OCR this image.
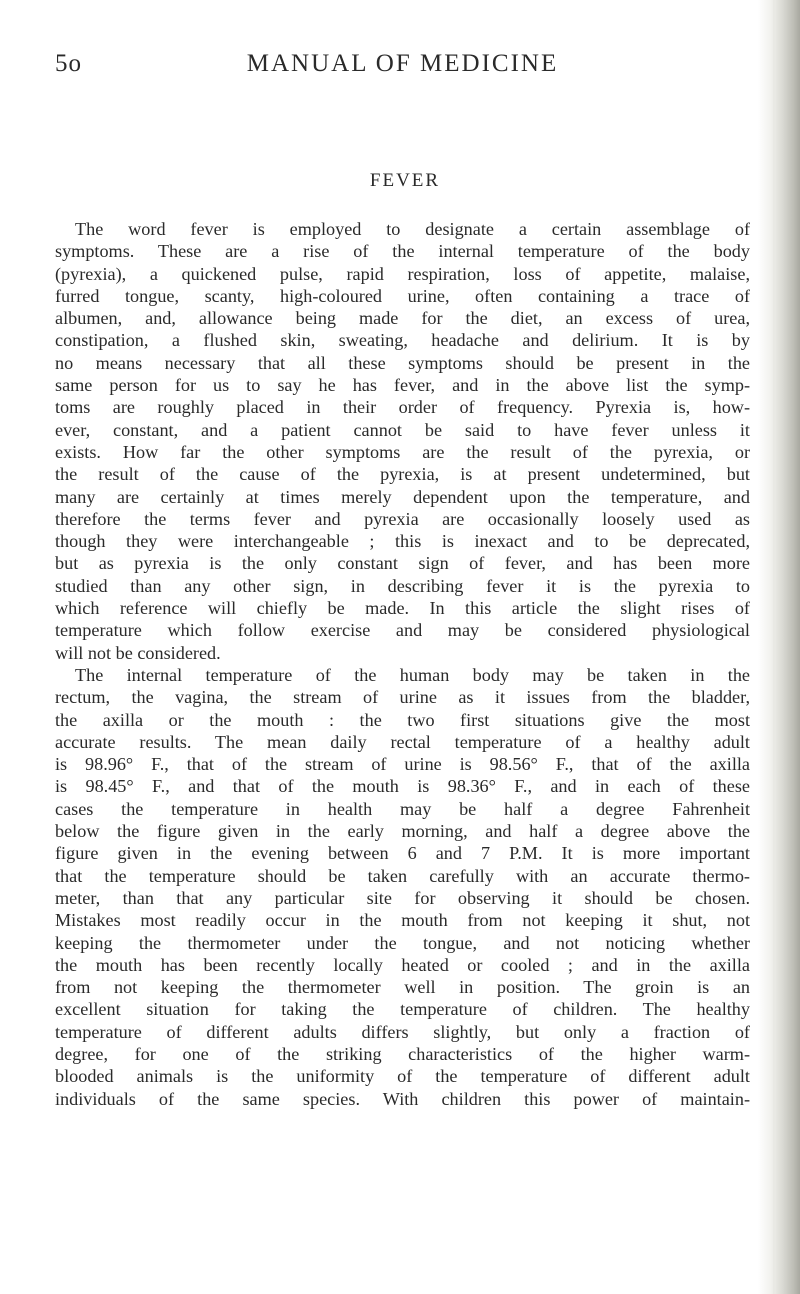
5o	MANUAL OF MEDICINE
FEVER
The word fever is employed to designate a certain assemblage of
symptoms. These are a rise of the internal temperature of the body
(pyrexia), a quickened pulse, rapid respiration, loss of appetite, malaise,
furred tongue, scanty, high-coloured urine, often containing a trace of
albumen, and, allowance being made for the diet, an excess of urea,
constipation, a flushed skin, sweating, headache and delirium. It is by
no means necessary that all these symptoms should be present in the
same person for us to say he has fever, and in the above list the symp-
toms are roughly placed in their order of frequency. Pyrexia is, how-
ever, constant, and a patient cannot be said to have fever unless it
exists. How far the other symptoms are the result of the pyrexia, or
the result of the cause of the pyrexia, is at present undetermined, but
many are certainly at times merely dependent upon the temperature, and
therefore the terms fever and pyrexia are occasionally loosely used as
though they were interchangeable ; this is inexact and to be deprecated,
but as pyrexia is the only constant sign of fever, and has been more
studied than any other sign, in describing fever it is the pyrexia to
which reference will chiefly be made. In this article the slight rises of
temperature which follow exercise and may be considered physiological
will not be considered.
The internal temperature of the human body may be taken in the
rectum, the vagina, the stream of urine as it issues from the bladder,
the axilla or the mouth : the two first situations give the most
accurate results. The mean daily rectal temperature of a healthy adult
is 98.96° F., that of the stream of urine is 98.56° F., that of the axilla
is 98.45° F., and that of the mouth is 98.36° F., and in each of these
cases the temperature in health may be half a degree Fahrenheit
below the figure given in the early morning, and half a degree above the
figure given in the evening between 6 and 7 P.M. It is more important
that the temperature should be taken carefully with an accurate thermo-
meter, than that any particular site for observing it should be chosen.
Mistakes most readily occur in the mouth from not keeping it shut, not
keeping the thermometer under the tongue, and not noticing whether
the mouth has been recently locally heated or cooled ; and in the axilla
from not keeping the thermometer well in position. The groin is an
excellent situation for taking the temperature of children. The healthy
temperature of different adults differs slightly, but only a fraction of
degree, for one of the striking characteristics of the higher warm-
blooded animals is the uniformity of the temperature of different adult
individuals of the same species. With children this power of maintain-
